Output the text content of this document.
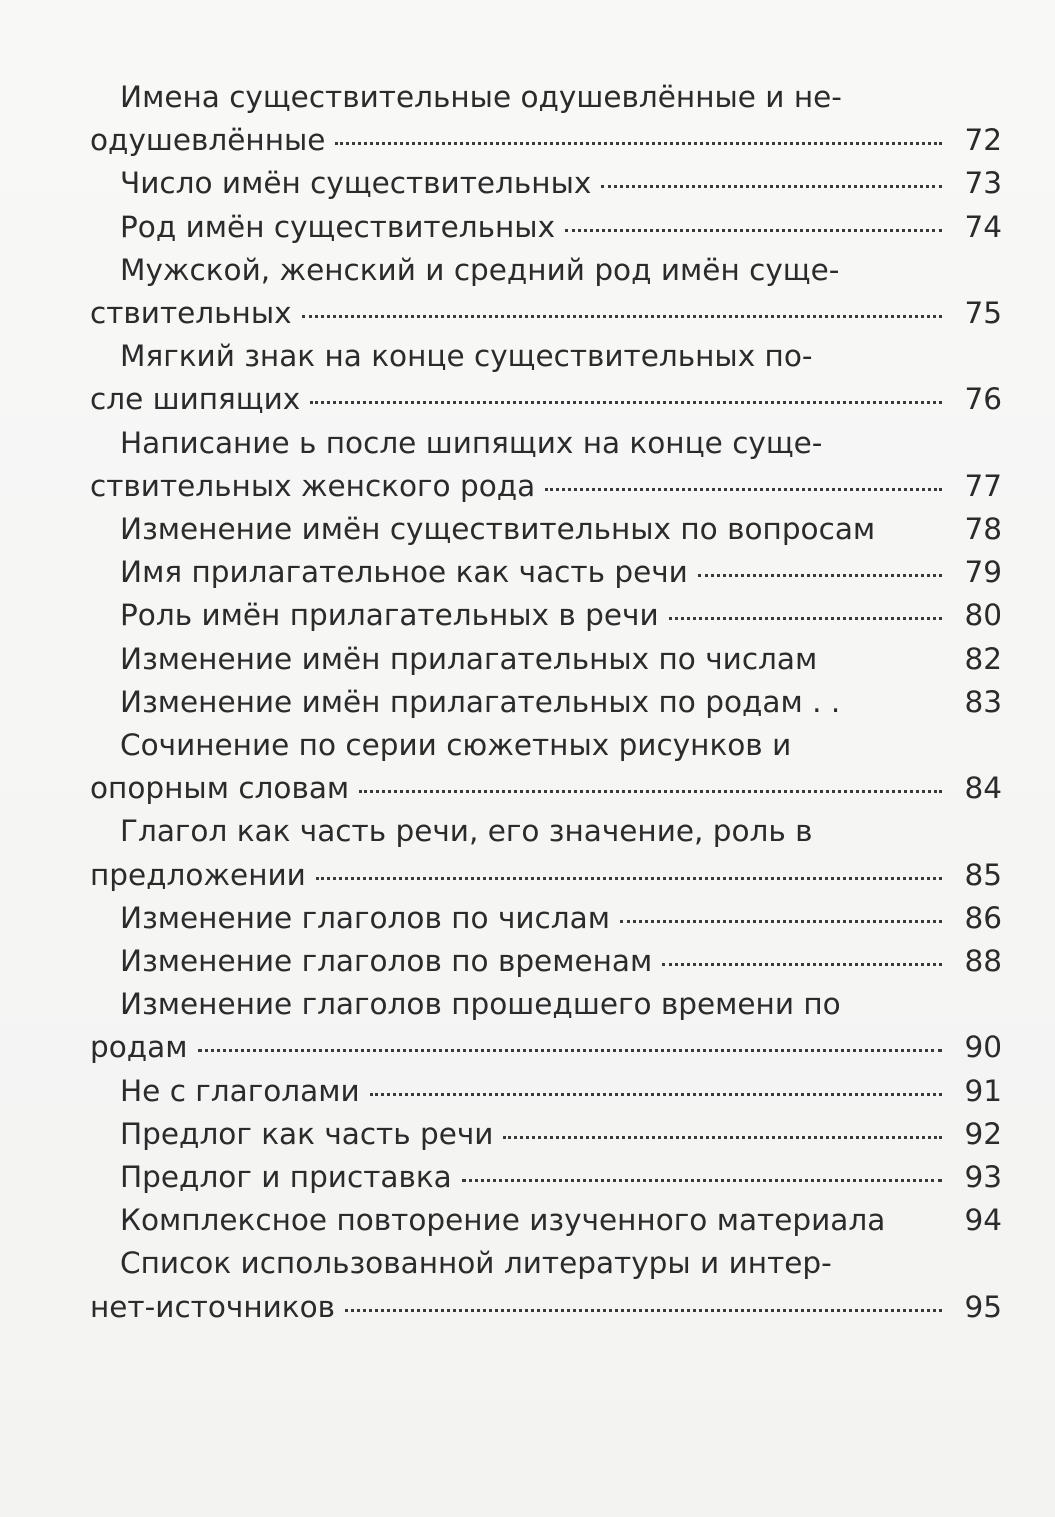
Имена существительные одушевлённые и не-
одушевлённые	72
Число имён существительных	73
Род имён существительных	74
Мужской, женский и средний род имён суще-
ствительных	75
Мягкий знак на конце существительных по-
сле шипящих	76
Написание ь после шипящих на конце суще-
ствительных женского рода	77
Изменение имён существительных по вопросам	78
Имя прилагательное как часть речи	79
Роль имён прилагательных в речи	80
Изменение имён прилагательных по числам	82
Изменение имён прилагательных по родам . .	83
Сочинение по серии сюжетных рисунков и
опорным словам	84
Глагол как часть речи, его значение, роль в
предложении	85
Изменение глаголов по числам	86
Изменение глаголов по временам	88
Изменение глаголов прошедшего времени по
родам	90
Не с глаголами	91
Предлог как часть речи	92
Предлог и приставка	93
Комплексное повторение изученного материала	94
Список использованной литературы и интер-
нет-источников	95
